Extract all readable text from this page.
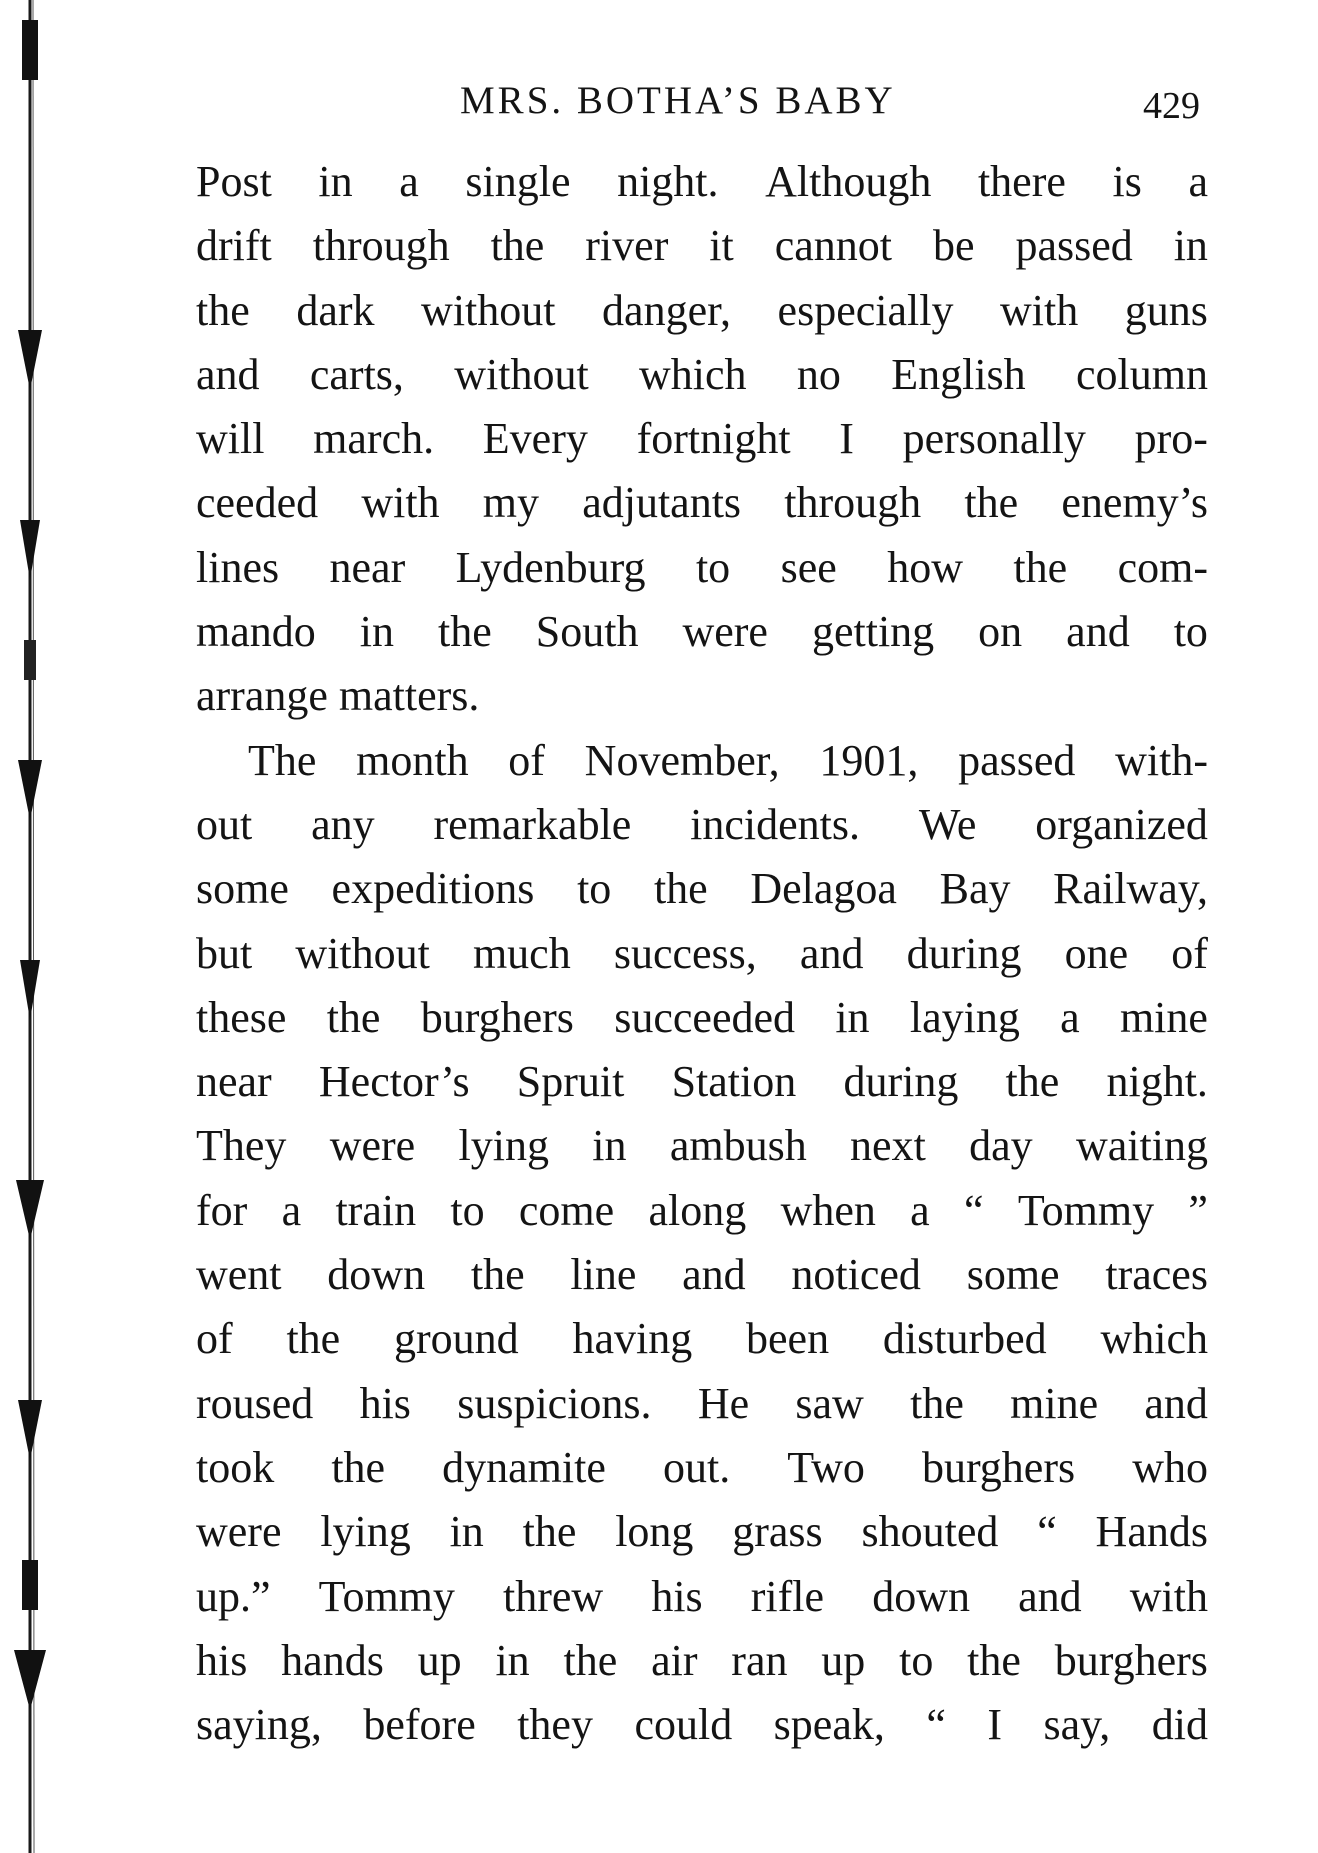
MRS. BOTHA’S BABY	429
Post in a single night. Although there is a
drift through the river it cannot be passed in
the dark without danger, especially with guns
and carts, without which no English column
will march. Every fortnight I personally pro-
ceeded with my adjutants through the enemy’s
lines near Lydenburg to see how the com-
mando in the South were getting on and to
arrange
matters.
The month of November, 1901, passed with-
out any remarkable incidents. We organized
some expeditions to the Delagoa Bay Railway,
but without much success, and during one of
these the burghers succeeded in laying a mine
near Hector’s Spruit Station during the night.
They were lying in ambush next day waiting
for a train to come along when a “ Tommy ”
went down the line and noticed some traces
of the ground having been disturbed which
roused his suspicions. He saw the mine and
took the dynamite out. Two burghers who
were lying in the long grass shouted “ Hands
up.” Tommy threw his rifle down and with
his hands up in the air ran up to the burghers
saying, before they could speak, “ I say, did
